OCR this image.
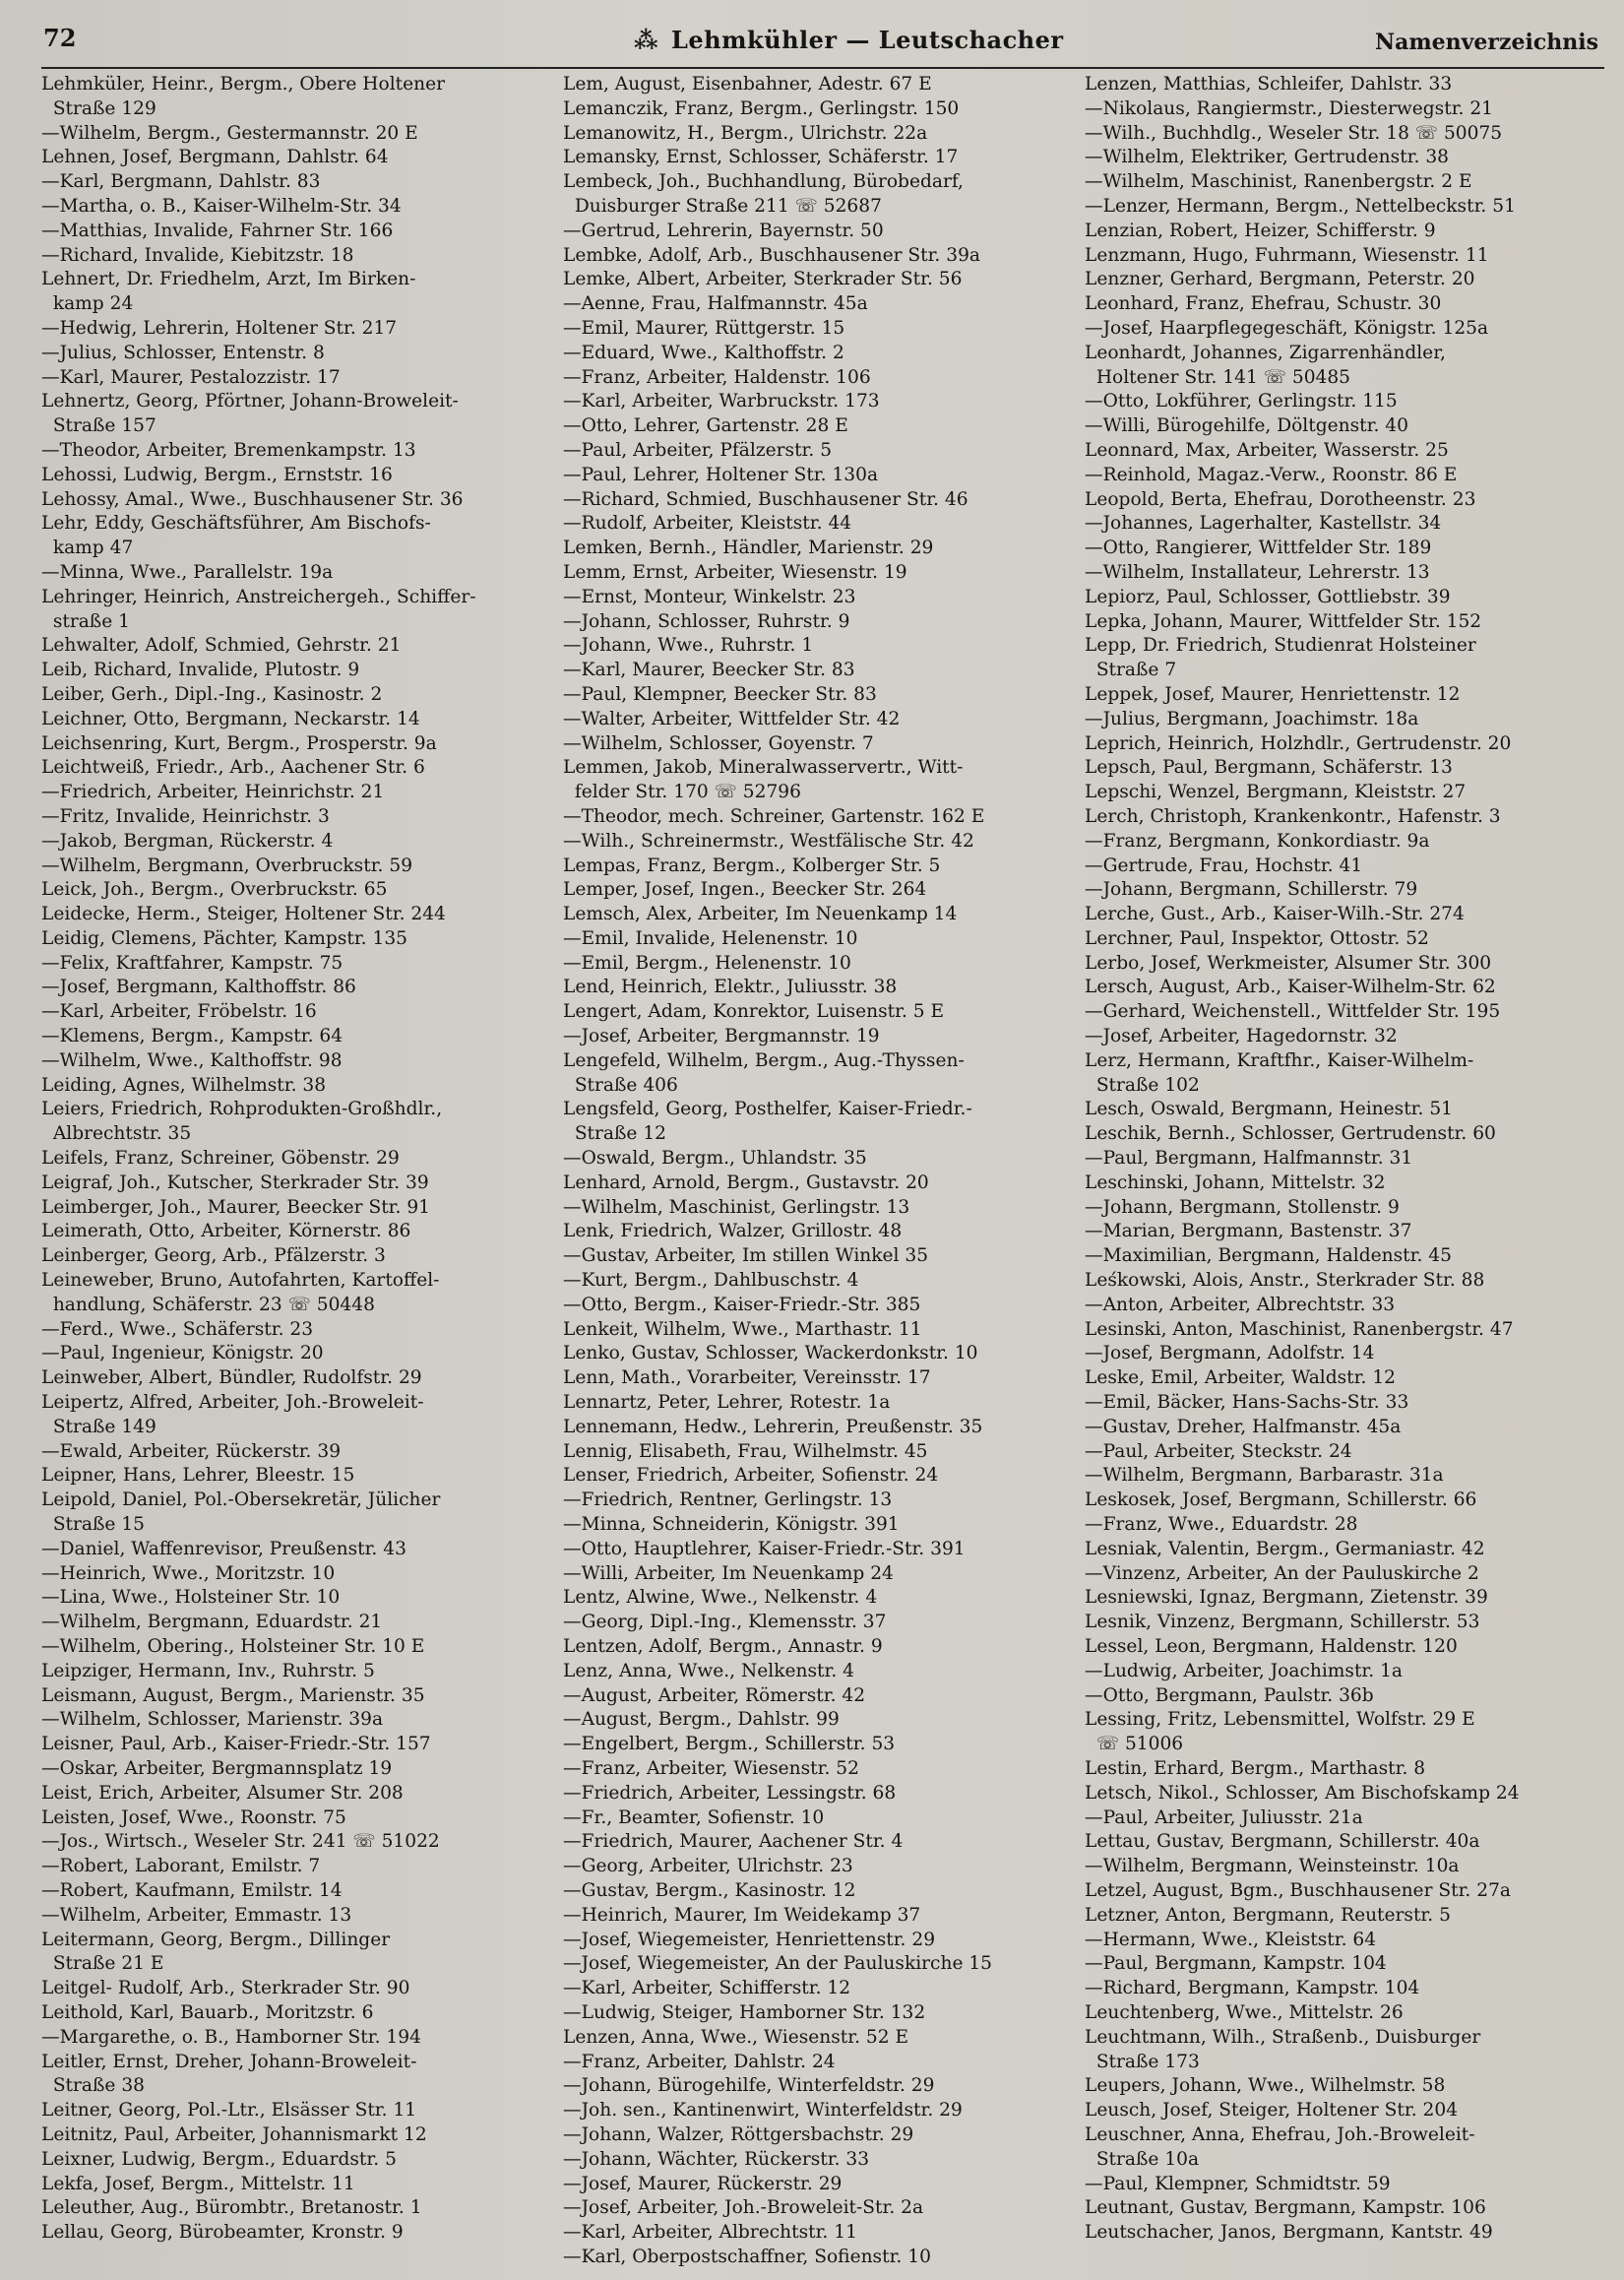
72	⁂ Lehmkühler — Leutschacher	Namenverzeichnis
Lehmküler, Heinr., Bergm., Obere Holtener
Straße 129
—Wilhelm, Bergm., Gestermannstr. 20 E
Lehnen, Josef, Bergmann, Dahlstr. 64
—Karl, Bergmann, Dahlstr. 83
—Martha, o. B., Kaiser-Wilhelm-Str. 34
—Matthias, Invalide, Fahrner Str. 166
—Richard, Invalide, Kiebitzstr. 18
Lehnert, Dr. Friedhelm, Arzt, Im Birken-
kamp 24
—Hedwig, Lehrerin, Holtener Str. 217
—Julius, Schlosser, Entenstr. 8
—Karl, Maurer, Pestalozzistr. 17
Lehnertz, Georg, Pförtner, Johann-Broweleit-
Straße 157
—Theodor, Arbeiter, Bremenkampstr. 13
Lehossi, Ludwig, Bergm., Ernststr. 16
Lehossy, Amal., Wwe., Buschhausener Str. 36
Lehr, Eddy, Geschäftsführer, Am Bischofs-
kamp 47
—Minna, Wwe., Parallelstr. 19a
Lehringer, Heinrich, Anstreichergeh., Schiffer-
straße 1
Lehwalter, Adolf, Schmied, Gehrstr. 21
Leib, Richard, Invalide, Plutostr. 9
Leiber, Gerh., Dipl.-Ing., Kasinostr. 2
Leichner, Otto, Bergmann, Neckarstr. 14
Leichsenring, Kurt, Bergm., Prosperstr. 9a
Leichtweiß, Friedr., Arb., Aachener Str. 6
—Friedrich, Arbeiter, Heinrichstr. 21
—Fritz, Invalide, Heinrichstr. 3
—Jakob, Bergman, Rückerstr. 4
—Wilhelm, Bergmann, Overbruckstr. 59
Leick, Joh., Bergm., Overbruckstr. 65
Leidecke, Herm., Steiger, Holtener Str. 244
Leidig, Clemens, Pächter, Kampstr. 135
—Felix, Kraftfahrer, Kampstr. 75
—Josef, Bergmann, Kalthoffstr. 86
—Karl, Arbeiter, Fröbelstr. 16
—Klemens, Bergm., Kampstr. 64
—Wilhelm, Wwe., Kalthoffstr. 98
Leiding, Agnes, Wilhelmstr. 38
Leiers, Friedrich, Rohprodukten-Großhdlr.,
Albrechtstr. 35
Leifels, Franz, Schreiner, Göbenstr. 29
Leigraf, Joh., Kutscher, Sterkrader Str. 39
Leimberger, Joh., Maurer, Beecker Str. 91
Leimerath, Otto, Arbeiter, Körnerstr. 86
Leinberger, Georg, Arb., Pfälzerstr. 3
Leineweber, Bruno, Autofahrten, Kartoffel-
handlung, Schäferstr. 23 ☏ 50448
—Ferd., Wwe., Schäferstr. 23
—Paul, Ingenieur, Königstr. 20
Leinweber, Albert, Bündler, Rudolfstr. 29
Leipertz, Alfred, Arbeiter, Joh.-Broweleit-
Straße 149
—Ewald, Arbeiter, Rückerstr. 39
Leipner, Hans, Lehrer, Bleestr. 15
Leipold, Daniel, Pol.-Obersekretär, Jülicher
Straße 15
—Daniel, Waffenrevisor, Preußenstr. 43
—Heinrich, Wwe., Moritzstr. 10
—Lina, Wwe., Holsteiner Str. 10
—Wilhelm, Bergmann, Eduardstr. 21
—Wilhelm, Obering., Holsteiner Str. 10 E
Leipziger, Hermann, Inv., Ruhrstr. 5
Leismann, August, Bergm., Marienstr. 35
—Wilhelm, Schlosser, Marienstr. 39a
Leisner, Paul, Arb., Kaiser-Friedr.-Str. 157
—Oskar, Arbeiter, Bergmannsplatz 19
Leist, Erich, Arbeiter, Alsumer Str. 208
Leisten, Josef, Wwe., Roonstr. 75
—Jos., Wirtsch., Weseler Str. 241 ☏ 51022
—Robert, Laborant, Emilstr. 7
—Robert, Kaufmann, Emilstr. 14
—Wilhelm, Arbeiter, Emmastr. 13
Leitermann, Georg, Bergm., Dillinger
Straße 21 E
Leitgel- Rudolf, Arb., Sterkrader Str. 90
Leithold, Karl, Bauarb., Moritzstr. 6
—Margarethe, o. B., Hamborner Str. 194
Leitler, Ernst, Dreher, Johann-Broweleit-
Straße 38
Leitner, Georg, Pol.-Ltr., Elsässer Str. 11
Leitnitz, Paul, Arbeiter, Johannismarkt 12
Leixner, Ludwig, Bergm., Eduardstr. 5
Lekfa, Josef, Bergm., Mittelstr. 11
Leleuther, Aug., Bürombtr., Bretanostr. 1
Lellau, Georg, Bürobeamter, Kronstr. 9
Lem, August, Eisenbahner, Adestr. 67 E
Lemanczik, Franz, Bergm., Gerlingstr. 150
Lemanowitz, H., Bergm., Ulrichstr. 22a
Lemansky, Ernst, Schlosser, Schäferstr. 17
Lembeck, Joh., Buchhandlung, Bürobedarf,
Duisburger Straße 211 ☏ 52687
—Gertrud, Lehrerin, Bayernstr. 50
Lembke, Adolf, Arb., Buschhausener Str. 39a
Lemke, Albert, Arbeiter, Sterkrader Str. 56
—Aenne, Frau, Halfmannstr. 45a
—Emil, Maurer, Rüttgerstr. 15
—Eduard, Wwe., Kalthoffstr. 2
—Franz, Arbeiter, Haldenstr. 106
—Karl, Arbeiter, Warbruckstr. 173
—Otto, Lehrer, Gartenstr. 28 E
—Paul, Arbeiter, Pfälzerstr. 5
—Paul, Lehrer, Holtener Str. 130a
—Richard, Schmied, Buschhausener Str. 46
—Rudolf, Arbeiter, Kleiststr. 44
Lemken, Bernh., Händler, Marienstr. 29
Lemm, Ernst, Arbeiter, Wiesenstr. 19
—Ernst, Monteur, Winkelstr. 23
—Johann, Schlosser, Ruhrstr. 9
—Johann, Wwe., Ruhrstr. 1
—Karl, Maurer, Beecker Str. 83
—Paul, Klempner, Beecker Str. 83
—Walter, Arbeiter, Wittfelder Str. 42
—Wilhelm, Schlosser, Goyenstr. 7
Lemmen, Jakob, Mineralwasservertr., Witt-
felder Str. 170 ☏ 52796
—Theodor, mech. Schreiner, Gartenstr. 162 E
—Wilh., Schreinermstr., Westfälische Str. 42
Lempas, Franz, Bergm., Kolberger Str. 5
Lemper, Josef, Ingen., Beecker Str. 264
Lemsch, Alex, Arbeiter, Im Neuenkamp 14
—Emil, Invalide, Helenenstr. 10
—Emil, Bergm., Helenenstr. 10
Lend, Heinrich, Elektr., Juliusstr. 38
Lengert, Adam, Konrektor, Luisenstr. 5 E
—Josef, Arbeiter, Bergmannstr. 19
Lengefeld, Wilhelm, Bergm., Aug.-Thyssen-
Straße 406
Lengsfeld, Georg, Posthelfer, Kaiser-Friedr.-
Straße 12
—Oswald, Bergm., Uhlandstr. 35
Lenhard, Arnold, Bergm., Gustavstr. 20
—Wilhelm, Maschinist, Gerlingstr. 13
Lenk, Friedrich, Walzer, Grillostr. 48
—Gustav, Arbeiter, Im stillen Winkel 35
—Kurt, Bergm., Dahlbuschstr. 4
—Otto, Bergm., Kaiser-Friedr.-Str. 385
Lenkeit, Wilhelm, Wwe., Marthastr. 11
Lenko, Gustav, Schlosser, Wackerdonkstr. 10
Lenn, Math., Vorarbeiter, Vereinsstr. 17
Lennartz, Peter, Lehrer, Rotestr. 1a
Lennemann, Hedw., Lehrerin, Preußenstr. 35
Lennig, Elisabeth, Frau, Wilhelmstr. 45
Lenser, Friedrich, Arbeiter, Sofienstr. 24
—Friedrich, Rentner, Gerlingstr. 13
—Minna, Schneiderin, Königstr. 391
—Otto, Hauptlehrer, Kaiser-Friedr.-Str. 391
—Willi, Arbeiter, Im Neuenkamp 24
Lentz, Alwine, Wwe., Nelkenstr. 4
—Georg, Dipl.-Ing., Klemensstr. 37
Lentzen, Adolf, Bergm., Annastr. 9
Lenz, Anna, Wwe., Nelkenstr. 4
—August, Arbeiter, Römerstr. 42
—August, Bergm., Dahlstr. 99
—Engelbert, Bergm., Schillerstr. 53
—Franz, Arbeiter, Wiesenstr. 52
—Friedrich, Arbeiter, Lessingstr. 68
—Fr., Beamter, Sofienstr. 10
—Friedrich, Maurer, Aachener Str. 4
—Georg, Arbeiter, Ulrichstr. 23
—Gustav, Bergm., Kasinostr. 12
—Heinrich, Maurer, Im Weidekamp 37
—Josef, Wiegemeister, Henriettenstr. 29
—Josef, Wiegemeister, An der Pauluskirche 15
—Karl, Arbeiter, Schifferstr. 12
—Ludwig, Steiger, Hamborner Str. 132
Lenzen, Anna, Wwe., Wiesenstr. 52 E
—Franz, Arbeiter, Dahlstr. 24
—Johann, Bürogehilfe, Winterfeldstr. 29
—Joh. sen., Kantinenwirt, Winterfeldstr. 29
—Johann, Walzer, Röttgersbachstr. 29
—Johann, Wächter, Rückerstr. 33
—Josef, Maurer, Rückerstr. 29
—Josef, Arbeiter, Joh.-Broweleit-Str. 2a
—Karl, Arbeiter, Albrechtstr. 11
—Karl, Oberpostschaffner, Sofienstr. 10
Lenzen, Matthias, Schleifer, Dahlstr. 33
—Nikolaus, Rangiermstr., Diesterwegstr. 21
—Wilh., Buchhdlg., Weseler Str. 18 ☏ 50075
—Wilhelm, Elektriker, Gertrudenstr. 38
—Wilhelm, Maschinist, Ranenbergstr. 2 E
—Lenzer, Hermann, Bergm., Nettelbeckstr. 51
Lenzian, Robert, Heizer, Schifferstr. 9
Lenzmann, Hugo, Fuhrmann, Wiesenstr. 11
Lenzner, Gerhard, Bergmann, Peterstr. 20
Leonhard, Franz, Ehefrau, Schustr. 30
—Josef, Haarpflegegeschäft, Königstr. 125a
Leonhardt, Johannes, Zigarrenhändler,
Holtener Str. 141 ☏ 50485
—Otto, Lokführer, Gerlingstr. 115
—Willi, Bürogehilfe, Döltgenstr. 40
Leonnard, Max, Arbeiter, Wasserstr. 25
—Reinhold, Magaz.-Verw., Roonstr. 86 E
Leopold, Berta, Ehefrau, Dorotheenstr. 23
—Johannes, Lagerhalter, Kastellstr. 34
—Otto, Rangierer, Wittfelder Str. 189
—Wilhelm, Installateur, Lehrerstr. 13
Lepiorz, Paul, Schlosser, Gottliebstr. 39
Lepka, Johann, Maurer, Wittfelder Str. 152
Lepp, Dr. Friedrich, Studienrat Holsteiner
Straße 7
Leppek, Josef, Maurer, Henriettenstr. 12
—Julius, Bergmann, Joachimstr. 18a
Leprich, Heinrich, Holzhdlr., Gertrudenstr. 20
Lepsch, Paul, Bergmann, Schäferstr. 13
Lepschi, Wenzel, Bergmann, Kleiststr. 27
Lerch, Christoph, Krankenkontr., Hafenstr. 3
—Franz, Bergmann, Konkordiastr. 9a
—Gertrude, Frau, Hochstr. 41
—Johann, Bergmann, Schillerstr. 79
Lerche, Gust., Arb., Kaiser-Wilh.-Str. 274
Lerchner, Paul, Inspektor, Ottostr. 52
Lerbo, Josef, Werkmeister, Alsumer Str. 300
Lersch, August, Arb., Kaiser-Wilhelm-Str. 62
—Gerhard, Weichenstell., Wittfelder Str. 195
—Josef, Arbeiter, Hagedornstr. 32
Lerz, Hermann, Kraftfhr., Kaiser-Wilhelm-
Straße 102
Lesch, Oswald, Bergmann, Heinestr. 51
Leschik, Bernh., Schlosser, Gertrudenstr. 60
—Paul, Bergmann, Halfmannstr. 31
Leschinski, Johann, Mittelstr. 32
—Johann, Bergmann, Stollenstr. 9
—Marian, Bergmann, Bastenstr. 37
—Maximilian, Bergmann, Haldenstr. 45
Leśkowski, Alois, Anstr., Sterkrader Str. 88
—Anton, Arbeiter, Albrechtstr. 33
Lesinski, Anton, Maschinist, Ranenbergstr. 47
—Josef, Bergmann, Adolfstr. 14
Leske, Emil, Arbeiter, Waldstr. 12
—Emil, Bäcker, Hans-Sachs-Str. 33
—Gustav, Dreher, Halfmanstr. 45a
—Paul, Arbeiter, Steckstr. 24
—Wilhelm, Bergmann, Barbarastr. 31a
Leskosek, Josef, Bergmann, Schillerstr. 66
—Franz, Wwe., Eduardstr. 28
Lesniak, Valentin, Bergm., Germaniastr. 42
—Vinzenz, Arbeiter, An der Pauluskirche 2
Lesniewski, Ignaz, Bergmann, Zietenstr. 39
Lesnik, Vinzenz, Bergmann, Schillerstr. 53
Lessel, Leon, Bergmann, Haldenstr. 120
—Ludwig, Arbeiter, Joachimstr. 1a
—Otto, Bergmann, Paulstr. 36b
Lessing, Fritz, Lebensmittel, Wolfstr. 29 E
☏ 51006
Lestin, Erhard, Bergm., Marthastr. 8
Letsch, Nikol., Schlosser, Am Bischofskamp 24
—Paul, Arbeiter, Juliusstr. 21a
Lettau, Gustav, Bergmann, Schillerstr. 40a
—Wilhelm, Bergmann, Weinsteinstr. 10a
Letzel, August, Bgm., Buschhausener Str. 27a
Letzner, Anton, Bergmann, Reuterstr. 5
—Hermann, Wwe., Kleiststr. 64
—Paul, Bergmann, Kampstr. 104
—Richard, Bergmann, Kampstr. 104
Leuchtenberg, Wwe., Mittelstr. 26
Leuchtmann, Wilh., Straßenb., Duisburger
Straße 173
Leupers, Johann, Wwe., Wilhelmstr. 58
Leusch, Josef, Steiger, Holtener Str. 204
Leuschner, Anna, Ehefrau, Joh.-Broweleit-
Straße 10a
—Paul, Klempner, Schmidtstr. 59
Leutnant, Gustav, Bergmann, Kampstr. 106
Leutschacher, Janos, Bergmann, Kantstr. 49
